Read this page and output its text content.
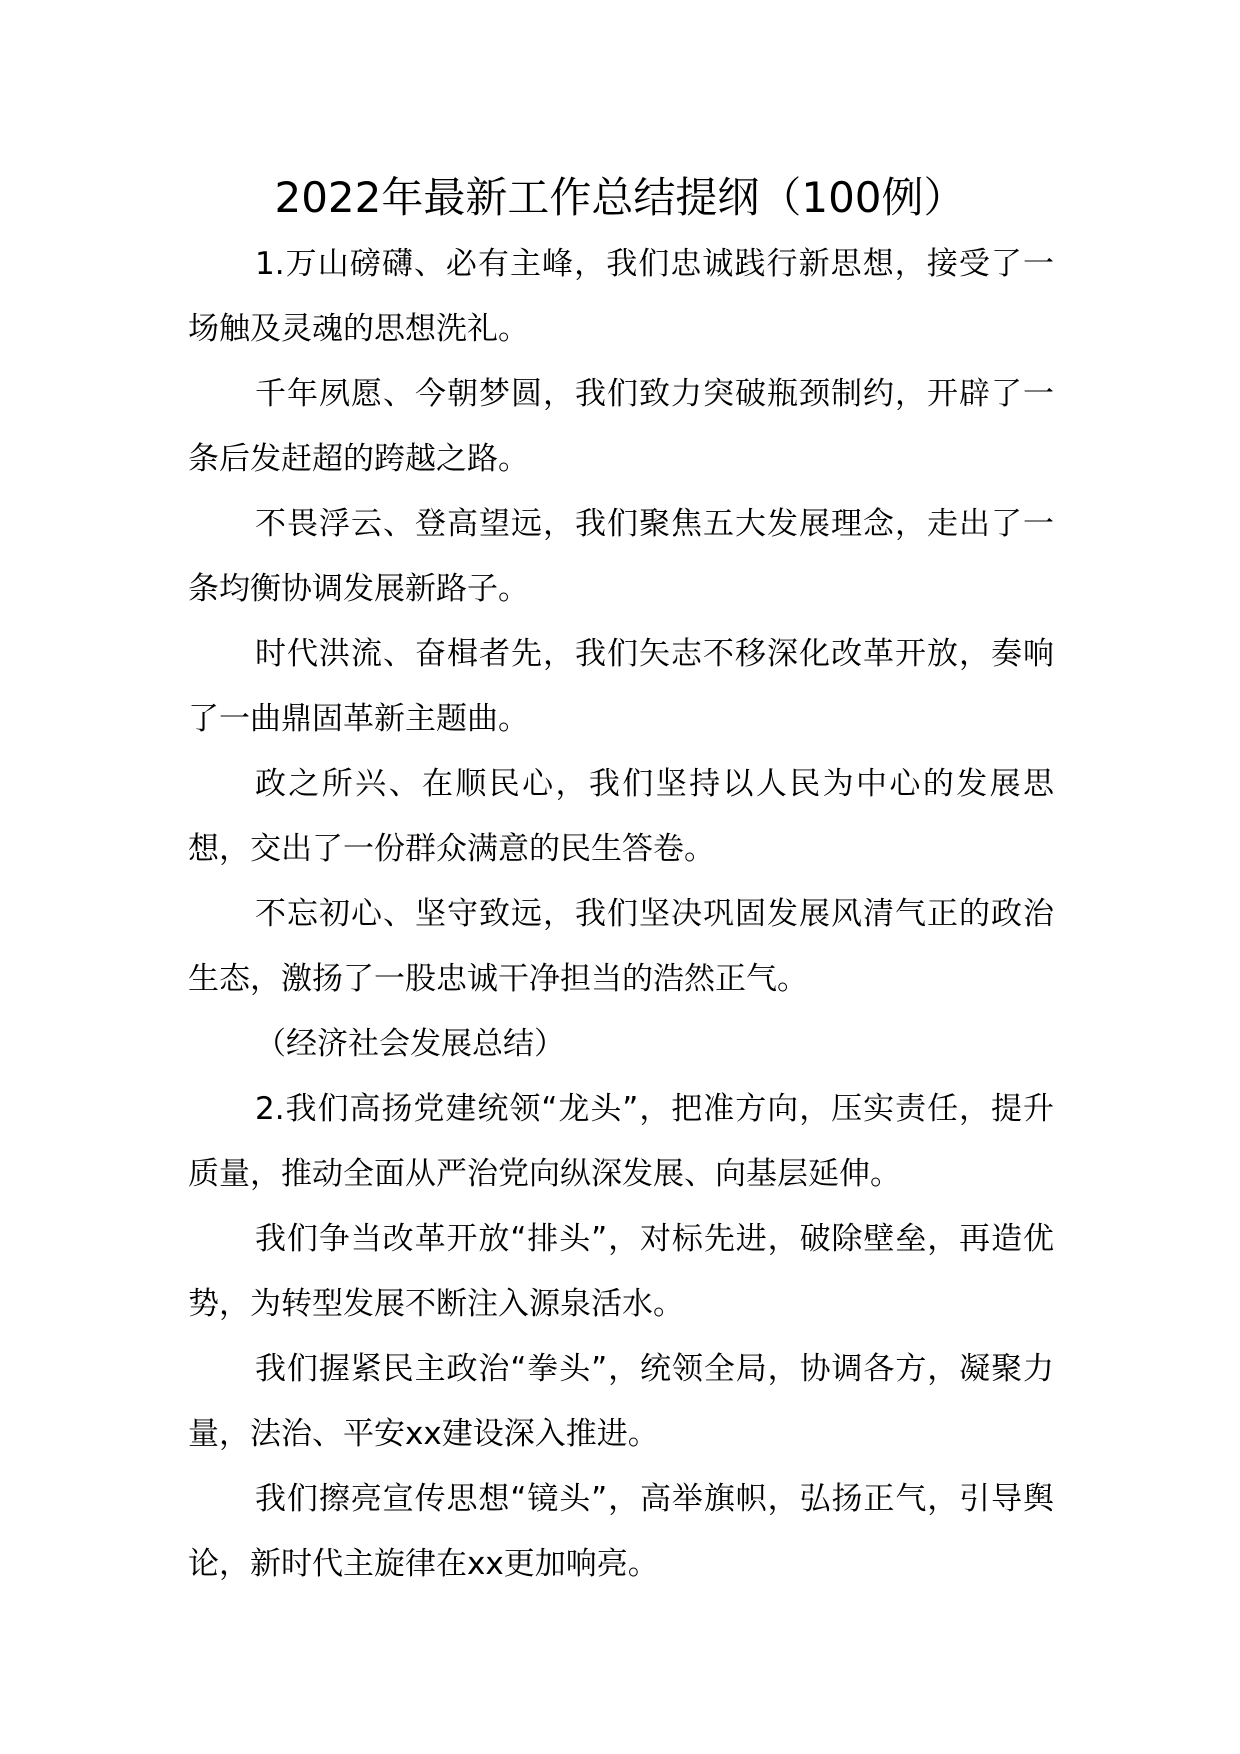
2022年最新工作总结提纲（100例）

1.万山磅礴、必有主峰，我们忠诚践行新思想，接受了一场触及灵魂的思想洗礼。

千年夙愿、今朝梦圆，我们致力突破瓶颈制约，开辟了一条后发赶超的跨越之路。

不畏浮云、登高望远，我们聚焦五大发展理念，走出了一条均衡协调发展新路子。

时代洪流、奋楫者先，我们矢志不移深化改革开放，奏响了一曲鼎固革新主题曲。

政之所兴、在顺民心，我们坚持以人民为中心的发展思想，交出了一份群众满意的民生答卷。

不忘初心、坚守致远，我们坚决巩固发展风清气正的政治生态，激扬了一股忠诚干净担当的浩然正气。

（经济社会发展总结）

2.我们高扬党建统领“龙头”，把准方向，压实责任，提升质量，推动全面从严治党向纵深发展、向基层延伸。

我们争当改革开放“排头”，对标先进，破除壁垒，再造优势，为转型发展不断注入源泉活水。

我们握紧民主政治“拳头”，统领全局，协调各方，凝聚力量，法治、平安xx建设深入推进。

我们擦亮宣传思想“镜头”，高举旗帜，弘扬正气，引导舆论，新时代主旋律在xx更加响亮。
